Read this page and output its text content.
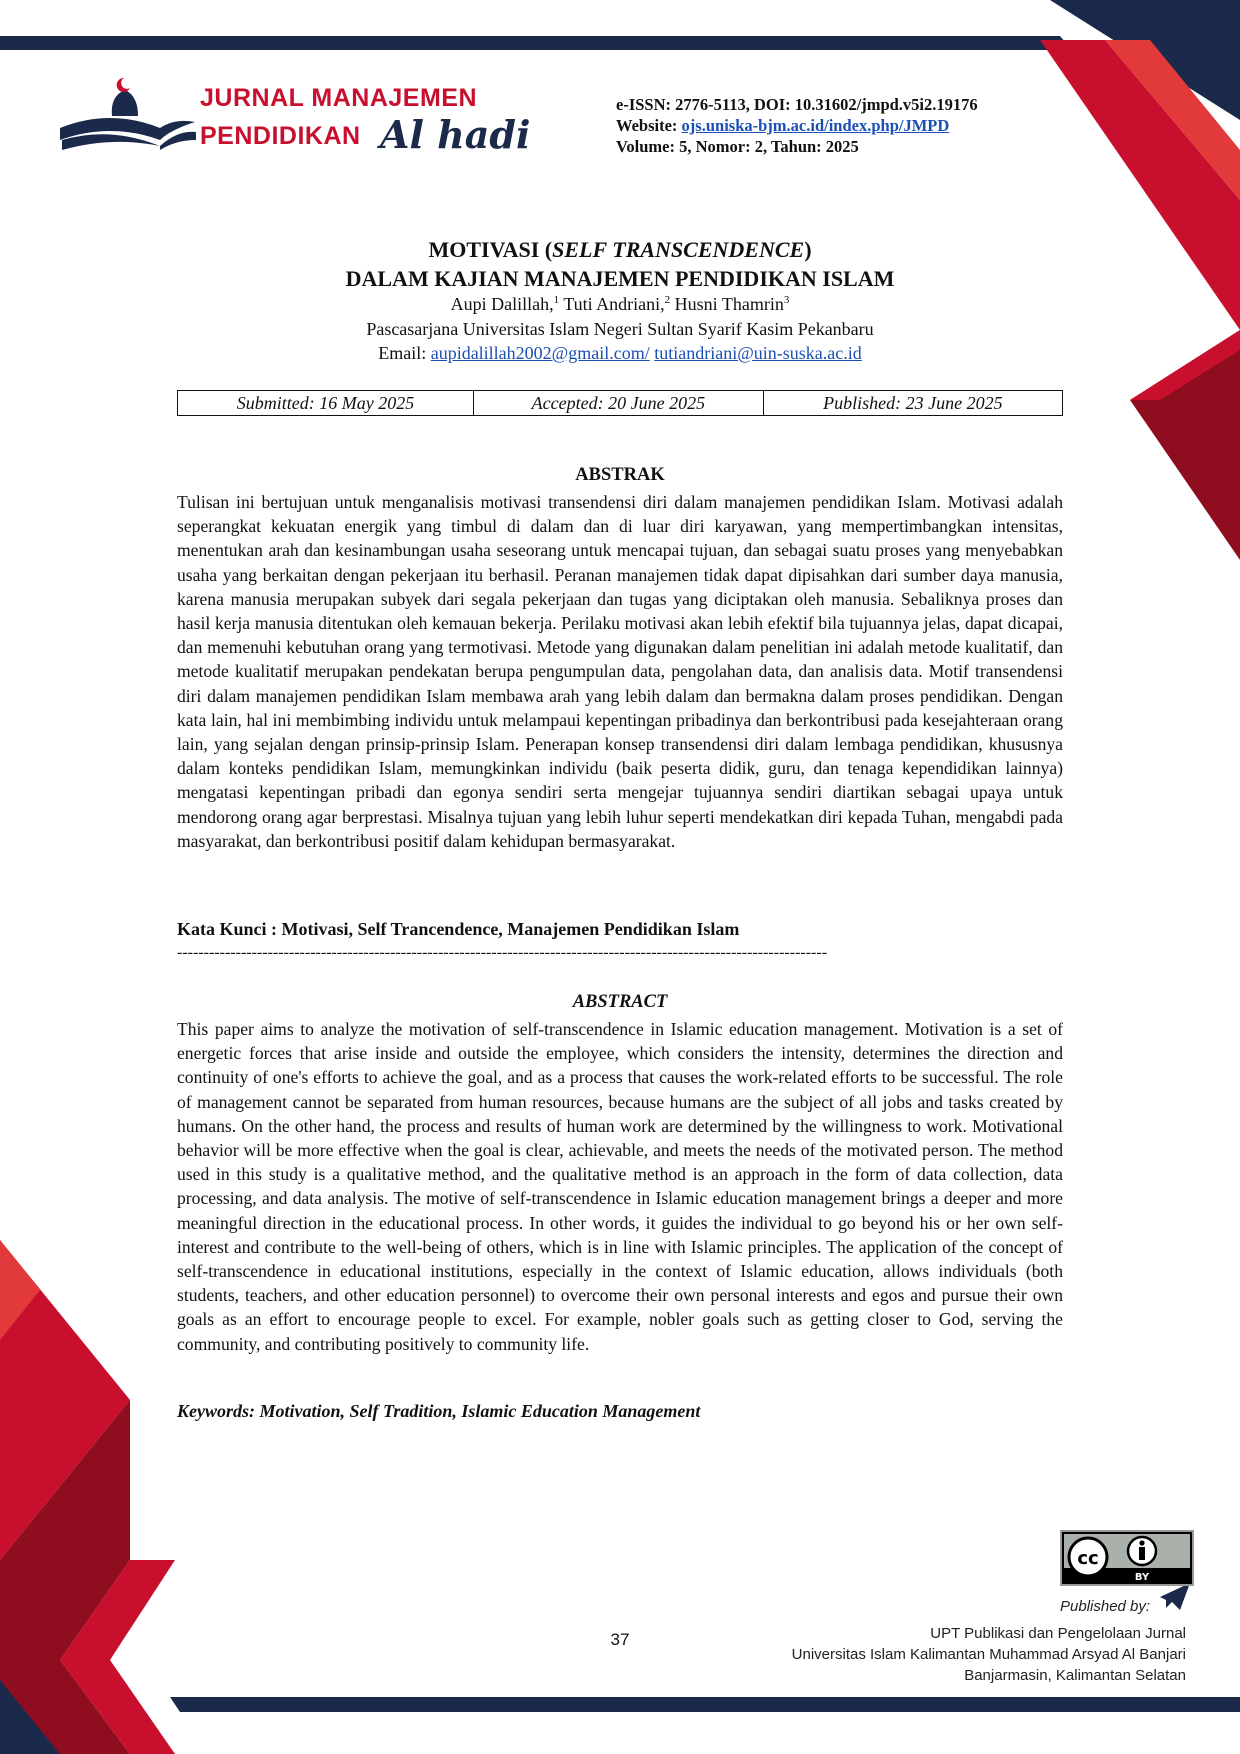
JURNAL MANAJEMEN
PENDIDIKAN Al hadi
e-ISSN: 2776-5113, DOI: 10.31602/jmpd.v5i2.19176
Website: ojs.uniska-bjm.ac.id/index.php/JMPD
Volume: 5, Nomor: 2, Tahun: 2025
MOTIVASI (SELF TRANSCENDENCE)
DALAM KAJIAN MANAJEMEN PENDIDIKAN ISLAM
Aupi Dalillah,$^1$ Tuti Andriani,$^2$ Husni Thamrin$^3$
Pascasarjana Universitas Islam Negeri Sultan Syarif Kasim Pekanbaru
Email: aupidalillah2002@gmail.com/ tutiandriani@uin-suska.ac.id
Submitted: 16 May 2025	Accepted: 20 June 2025	Published: 23 June 2025
ABSTRAK
Tulisan ini bertujuan untuk menganalisis motivasi transendensi diri dalam manajemen pendidikan Islam. Motivasi adalah seperangkat kekuatan energik yang timbul di dalam dan di luar diri karyawan, yang mempertimbangkan intensitas, menentukan arah dan kesinambungan usaha seseorang untuk mencapai tujuan, dan sebagai suatu proses yang menyebabkan usaha yang berkaitan dengan pekerjaan itu berhasil. Peranan manajemen tidak dapat dipisahkan dari sumber daya manusia, karena manusia merupakan subyek dari segala pekerjaan dan tugas yang diciptakan oleh manusia. Sebaliknya proses dan hasil kerja manusia ditentukan oleh kemauan bekerja. Perilaku motivasi akan lebih efektif bila tujuannya jelas, dapat dicapai, dan memenuhi kebutuhan orang yang termotivasi. Metode yang digunakan dalam penelitian ini adalah metode kualitatif, dan metode kualitatif merupakan pendekatan berupa pengumpulan data, pengolahan data, dan analisis data. Motif transendensi diri dalam manajemen pendidikan Islam membawa arah yang lebih dalam dan bermakna dalam proses pendidikan. Dengan kata lain, hal ini membimbing individu untuk melampaui kepentingan pribadinya dan berkontribusi pada kesejahteraan orang lain, yang sejalan dengan prinsip-prinsip Islam. Penerapan konsep transendensi diri dalam lembaga pendidikan, khususnya dalam konteks pendidikan Islam, memungkinkan individu (baik peserta didik, guru, dan tenaga kependidikan lainnya) mengatasi kepentingan pribadi dan egonya sendiri serta mengejar tujuannya sendiri diartikan sebagai upaya untuk mendorong orang agar berprestasi. Misalnya tujuan yang lebih luhur seperti mendekatkan diri kepada Tuhan, mengabdi pada masyarakat, dan berkontribusi positif dalam kehidupan bermasyarakat.
Kata Kunci : Motivasi, Self Trancendence, Manajemen Pendidikan Islam
--------------------------------------------------------------------------------------------------------------------------
ABSTRACT
This paper aims to analyze the motivation of self-transcendence in Islamic education management. Motivation is a set of energetic forces that arise inside and outside the employee, which considers the intensity, determines the direction and continuity of one's efforts to achieve the goal, and as a process that causes the work-related efforts to be successful. The role of management cannot be separated from human resources, because humans are the subject of all jobs and tasks created by humans. On the other hand, the process and results of human work are determined by the willingness to work. Motivational behavior will be more effective when the goal is clear, achievable, and meets the needs of the motivated person. The method used in this study is a qualitative method, and the qualitative method is an approach in the form of data collection, data processing, and data analysis. The motive of self-transcendence in Islamic education management brings a deeper and more meaningful direction in the educational process. In other words, it guides the individual to go beyond his or her own self-interest and contribute to the well-being of others, which is in line with Islamic principles. The application of the concept of self-transcendence in educational institutions, especially in the context of Islamic education, allows individuals (both students, teachers, and other education personnel) to overcome their own personal interests and egos and pursue their own goals as an effort to encourage people to excel. For example, nobler goals such as getting closer to God, serving the community, and contributing positively to community life.
Keywords: Motivation, Self Tradition, Islamic Education Management
cc
BY
Published by:
UPT Publikasi dan Pengelolaan Jurnal
Universitas Islam Kalimantan Muhammad Arsyad Al Banjari
Banjarmasin, Kalimantan Selatan
37
